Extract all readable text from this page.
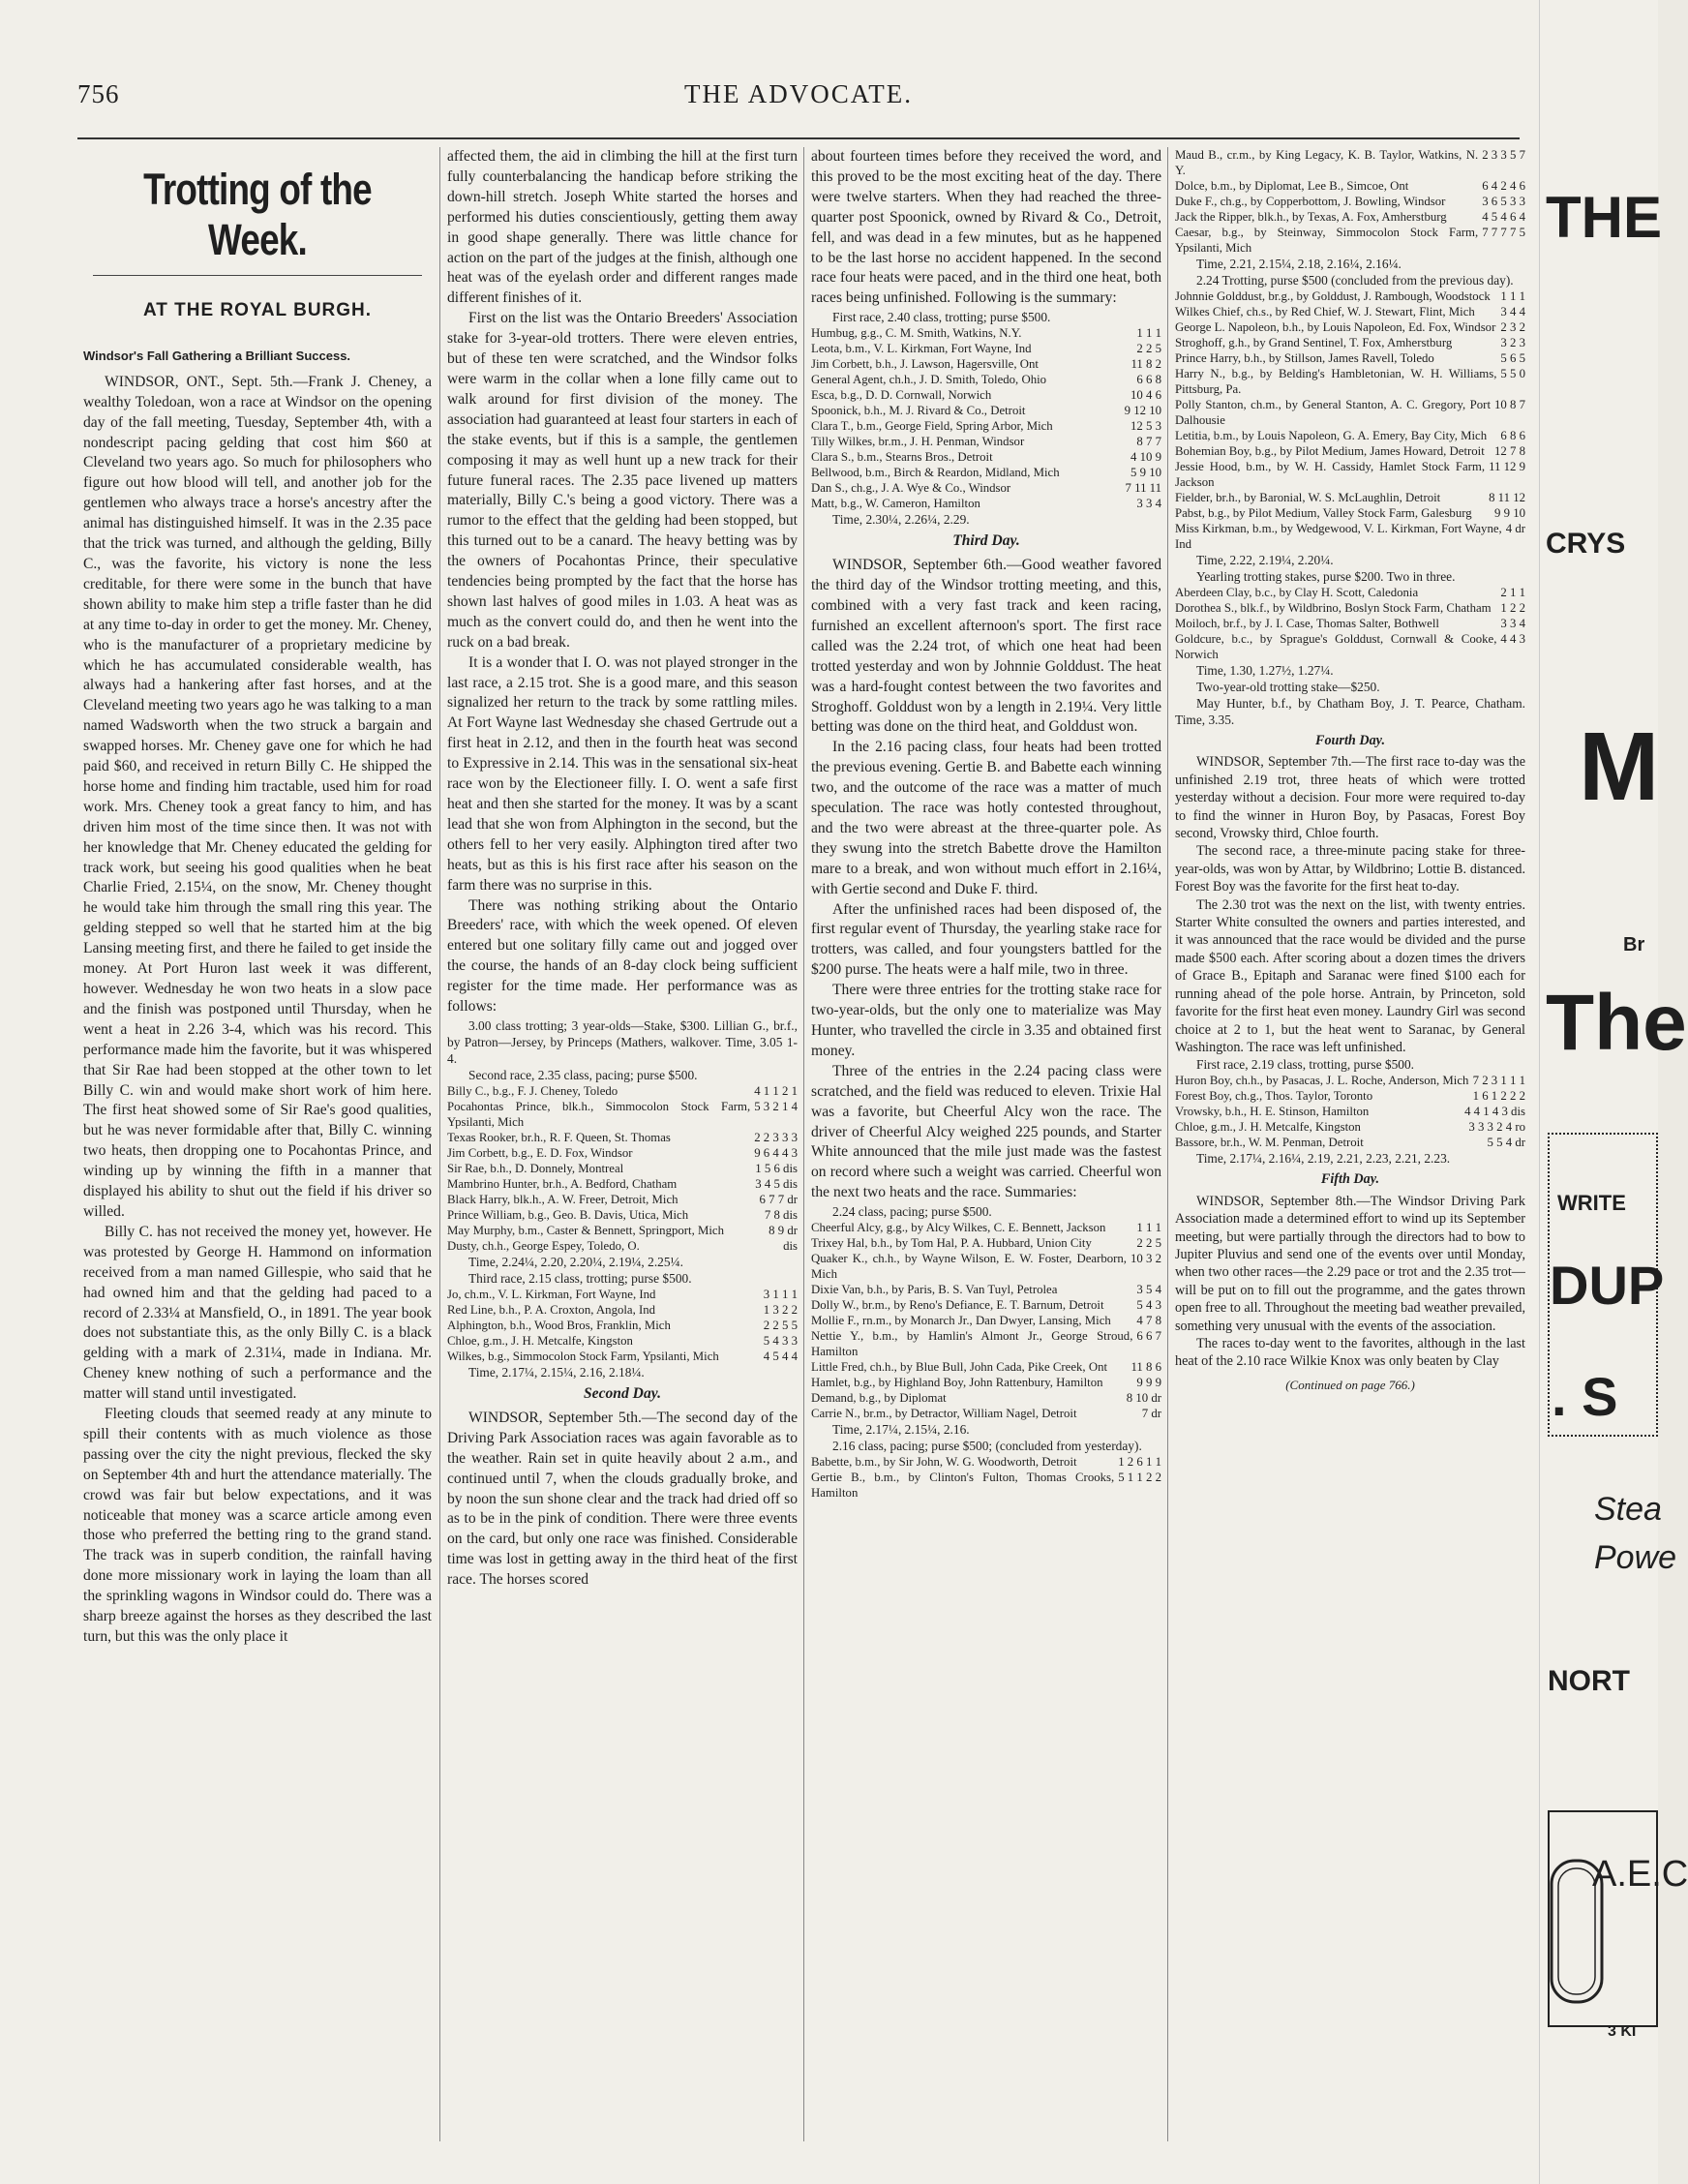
756	THE ADVOCATE.
Trotting of the Week.
AT THE ROYAL BURGH.
Windsor's Fall Gathering a Brilliant Success.

WINDSOR, ONT., Sept. 5th.—Frank J. Cheney, a wealthy Toledoan, won a race at Windsor on the opening day of the fall meeting, Tuesday, September 4th, with a nondescript pacing gelding that cost him $60 at Cleveland two years ago. So much for philosophers who figure out how blood will tell, and another job for the gentlemen who always trace a horse's ancestry after the animal has distinguished himself. It was in the 2.35 pace that the trick was turned, and although the gelding, Billy C., was the favorite, his victory is none the less creditable, for there were some in the bunch that have shown ability to make him step a trifle faster than he did at any time to-day in order to get the money. Mr. Cheney, who is the manufacturer of a proprietary medicine by which he has accumulated considerable wealth, has always had a hankering after fast horses, and at the Cleveland meeting two years ago he was talking to a man named Wadsworth when the two struck a bargain and swapped horses. Mr. Cheney gave one for which he had paid $60, and received in return Billy C. He shipped the horse home and finding him tractable, used him for road work. Mrs. Cheney took a great fancy to him, and has driven him most of the time since then. It was not with her knowledge that Mr. Cheney educated the gelding for track work, but seeing his good qualities when he beat Charlie Fried, 2.15¼, on the snow, Mr. Cheney thought he would take him through the small ring this year. The gelding stepped so well that he started him at the big Lansing meeting first, and there he failed to get inside the money. At Port Huron last week it was different, however. Wednesday he won two heats in a slow pace and the finish was postponed until Thursday, when he went a heat in 2.26 3-4, which was his record. This performance made him the favorite, but it was whispered that Sir Rae had been stopped at the other town to let Billy C. win and would make short work of him here. The first heat showed some of Sir Rae's good qualities, but he was never formidable after that, Billy C. winning two heats, then dropping one to Pocahontas Prince, and winding up by winning the fifth in a manner that displayed his ability to shut out the field if his driver so willed.

Billy C. has not received the money yet, however. He was protested by George H. Hammond on information received from a man named Gillespie, who said that he had owned him and that the gelding had paced to a record of 2.33¼ at Mansfield, O., in 1891. The year book does not substantiate this, as the only Billy C. is a black gelding with a mark of 2.31¼, made in Indiana. Mr. Cheney knew nothing of such a performance and the matter will stand until investigated.

Fleeting clouds that seemed ready at any minute to spill their contents with as much violence as those passing over the city the night previous, flecked the sky on September 4th and hurt the attendance materially. The crowd was fair but below expectations, and it was noticeable that money was a scarce article among even those who preferred the betting ring to the grand stand. The track was in superb condition, the rainfall having done more missionary work in laying the loam than all the sprinkling wagons in Windsor could do. There was a sharp breeze against the horses as they described the last turn, but this was the only place it

affected them, the aid in climbing the hill at the first turn fully counterbalancing the handicap before striking the down-hill stretch. Joseph White started the horses and performed his duties conscientiously, getting them away in good shape generally. There was little chance for action on the part of the judges at the finish, although one heat was of the eyelash order and different ranges made different finishes of it.

First on the list was the Ontario Breeders' Association stake for 3-year-old trotters. There were eleven entries, but of these ten were scratched, and the Windsor folks were warm in the collar when a lone filly came out to walk around for first division of the money. The association had guaranteed at least four starters in each of the stake events, but if this is a sample, the gentlemen composing it may as well hunt up a new track for their future funeral races. The 2.35 pace livened up matters materially, Billy C.'s being a good victory. There was a rumor to the effect that the gelding had been stopped, but this turned out to be a canard. The heavy betting was by the owners of Pocahontas Prince, their speculative tendencies being prompted by the fact that the horse has shown last halves of good miles in 1.03. A heat was as much as the convert could do, and then he went into the ruck on a bad break.

It is a wonder that I. O. was not played stronger in the last race, a 2.15 trot. She is a good mare, and this season signalized her return to the track by some rattling miles. At Fort Wayne last Wednesday she chased Gertrude out a first heat in 2.12, and then in the fourth heat was second to Expressive in 2.14. This was in the sensational six-heat race won by the Electioneer filly. I. O. went a safe first heat and then she started for the money. It was by a scant lead that she won from Alphington in the second, but the others fell to her very easily. Alphington tired after two heats, but as this is his first race after his season on the farm there was no surprise in this.

There was nothing striking about the Ontario Breeders' race, with which the week opened. Of eleven entered but one solitary filly came out and jogged over the course, the hands of an 8-day clock being sufficient register for the time made. Her performance was as follows:

3.00 class trotting; 3 year-olds—Stake, $300. Lillian G., br.f., by Patron—Jersey, by Princeps (Mathers, walkover. Time, 3.05 1-4.

Second race, 2.35 class, pacing; purse $500.

Billy C., b.g., F. J. Cheney, Toledo	4 1 1 2 1
Pocahontas Prince, blk.h., Simmocolon Stock Farm, Ypsilanti, Mich
5 3 2 1 4
Texas Rooker, br.h., R. F. Queen, St. Thomas	2 2 3 3 3
Jim Corbett, b.g., E. D. Fox, Windsor	9 6 4 4 3
Sir Rae, b.h., D. Donnely, Montreal	1 5 6 dis
Mambrino Hunter, br.h., A. Bedford, Chatham	3 4 5 dis
Black Harry, blk.h., A. W. Freer, Detroit, Mich	6 7 7 dr
Prince William, b.g., Geo. B. Davis, Utica, Mich	7 8 dis
May Murphy, b.m., Caster & Bennett, Springport, Mich	8 9 dr
Dusty, ch.h., George Espey, Toledo, O.	dis

Time, 2.24¼, 2.20, 2.20¼, 2.19¼, 2.25¼.

Third race, 2.15 class, trotting; purse $500.

Jo, ch.m., V. L. Kirkman, Fort Wayne, Ind	3 1 1 1
Red Line, b.h., P. A. Croxton, Angola, Ind	1 3 2 2
Alphington, b.h., Wood Bros, Franklin, Mich	2 2 5 5
Chloe, g.m., J. H. Metcalfe, Kingston	5 4 3 3
Wilkes, b.g., Simmocolon Stock Farm, Ypsilanti, Mich	4 5 4 4

Time, 2.17¼, 2.15¼, 2.16, 2.18¼.

Second Day.

WINDSOR, September 5th.—The second day of the Driving Park Association races was again favorable as to the weather. Rain set in quite heavily about 2 a.m., and continued until 7, when the clouds gradually broke, and by noon the sun shone clear and the track had dried off so as to be in the pink of condition. There were three events on the card, but only one race was finished. Considerable time was lost in getting away in the third heat of the first race. The horses scored

about fourteen times before they received the word, and this proved to be the most exciting heat of the day. There were twelve starters. When they had reached the three-quarter post Spoonick, owned by Rivard & Co., Detroit, fell, and was dead in a few minutes, but as he happened to be the last horse no accident happened. In the second race four heats were paced, and in the third one heat, both races being unfinished. Following is the summary:

First race, 2.40 class, trotting; purse $500.

Humbug, g.g., C. M. Smith, Watkins, N.Y.	1 1 1
Leota, b.m., V. L. Kirkman, Fort Wayne, Ind	2 2 5
Jim Corbett, b.h., J. Lawson, Hagersville, Ont	11 8 2
General Agent, ch.h., J. D. Smith, Toledo, Ohio	6 6 8
Esca, b.g., D. D. Cornwall, Norwich	10 4 6
Spoonick, b.h., M. J. Rivard & Co., Detroit	9 12 10
Clara T., b.m., George Field, Spring Arbor, Mich	12 5 3
Tilly Wilkes, br.m., J. H. Penman, Windsor	8 7 7
Clara S., b.m., Stearns Bros., Detroit	4 10 9
Bellwood, b.m., Birch & Reardon, Midland, Mich	5 9 10
Dan S., ch.g., J. A. Wye & Co., Windsor	7 11 11
Matt, b.g., W. Cameron, Hamilton	3 3 4

Time, 2.30¼, 2.26¼, 2.29.

Third Day.

WINDSOR, September 6th.—Good weather favored the third day of the Windsor trotting meeting, and this, combined with a very fast track and keen racing, furnished an excellent afternoon's sport. The first race called was the 2.24 trot, of which one heat had been trotted yesterday and won by Johnnie Golddust. The heat was a hard-fought contest between the two favorites and Stroghoff. Golddust won by a length in 2.19¼. Very little betting was done on the third heat, and Golddust won.

In the 2.16 pacing class, four heats had been trotted the previous evening. Gertie B. and Babette each winning two, and the outcome of the race was a matter of much speculation. The race was hotly contested throughout, and the two were abreast at the three-quarter pole. As they swung into the stretch Babette drove the Hamilton mare to a break, and won without much effort in 2.16¼, with Gertie second and Duke F. third.

After the unfinished races had been disposed of, the first regular event of Thursday, the yearling stake race for trotters, was called, and four youngsters battled for the $200 purse. The heats were a half mile, two in three.

There were three entries for the trotting stake race for two-year-olds, but the only one to materialize was May Hunter, who travelled the circle in 3.35 and obtained first money.

Three of the entries in the 2.24 pacing class were scratched, and the field was reduced to eleven. Trixie Hal was a favorite, but Cheerful Alcy won the race. The driver of Cheerful Alcy weighed 225 pounds, and Starter White announced that the mile just made was the fastest on record where such a weight was carried. Cheerful won the next two heats and the race. Summaries:

2.24 class, pacing; purse $500.

Cheerful Alcy, g.g., by Alcy Wilkes, C. E. Bennett, Jackson	1 1 1
Trixey Hal, b.h., by Tom Hal, P. A. Hubbard, Union City	2 2 5
Quaker K., ch.h., by Wayne Wilson, E. W. Foster, Dearborn, Mich
10 3 2
Dixie Van, b.h., by Paris, B. S. Van Tuyl, Petrolea	3 5 4
Dolly W., br.m., by Reno's Defiance, E. T. Barnum, Detroit	5 4 3
Mollie F., rn.m., by Monarch Jr., Dan Dwyer, Lansing, Mich	4 7 8
Nettie Y., b.m., by Hamlin's Almont Jr., George Stroud, Hamilton
6 6 7
Little Fred, ch.h., by Blue Bull, John Cada, Pike Creek, Ont	11 8 6
Hamlet, b.g., by Highland Boy, John Rattenbury, Hamilton	9 9 9
Demand, b.g., by Diplomat	8 10 dr
Carrie N., br.m., by Detractor, William Nagel, Detroit	7 dr

Time, 2.17¼, 2.15¼, 2.16.

2.16 class, pacing; purse $500; (concluded from yesterday).

Babette, b.m., by Sir John, W. G. Woodworth, Detroit	1 2 6 1 1
Gertie B., b.m., by Clinton's Fulton, Thomas Crooks, Hamilton
5 1 1 2 2
Maud B., cr.m., by King Legacy, K. B. Taylor, Watkins, N. Y.
2 3 3 5 7
Dolce, b.m., by Diplomat, Lee B., Simcoe, Ont	6 4 2 4 6
Duke F., ch.g., by Copperbottom, J. Bowling, Windsor	3 6 5 3 3
Jack the Ripper, blk.h., by Texas, A. Fox, Amherstburg	4 5 4 6 4
Caesar, b.g., by Steinway, Simmocolon Stock Farm, Ypsilanti, Mich
7 7 7 7 5

Time, 2.21, 2.15¼, 2.18, 2.16¼, 2.16¼.

2.24 Trotting, purse $500 (concluded from the previous day).

Johnnie Golddust, br.g., by Golddust, J. Rambough, Woodstock 1 1 1
Wilkes Chief, ch.s., by Red Chief, W. J. Stewart, Flint, Mich	3 4 4
George L. Napoleon, b.h., by Louis Napoleon, Ed. Fox, Windsor 2 3 2
Stroghoff, g.h., by Grand Sentinel, T. Fox, Amherstburg	3 2 3
Prince Harry, b.h., by Stillson, James Ravell, Toledo	5 6 5
Harry N., b.g., by Belding's Hambletonian, W. H. Williams, Pittsburg, Pa.
5 5 0
Polly Stanton, ch.m., by General Stanton, A. C. Gregory, Port Dalhousie
10 8 7
Letitia, b.m., by Louis Napoleon, G. A. Emery, Bay City, Mich	6 8 6
Bohemian Boy, b.g., by Pilot Medium, James Howard, Detroit 12 7 8
Jessie Hood, b.m., by W. H. Cassidy, Hamlet Stock Farm, Jackson
11 12 9
Fielder, br.h., by Baronial, W. S. McLaughlin, Detroit	8 11 12
Pabst, b.g., by Pilot Medium, Valley Stock Farm, Galesburg	9 9 10
Miss Kirkman, b.m., by Wedgewood, V. L. Kirkman, Fort Wayne, Ind
4 dr

Time, 2.22, 2.19¼, 2.20¼.

Yearling trotting stakes, purse $200. Two in three.

Aberdeen Clay, b.c., by Clay H. Scott, Caledonia	2 1 1
Dorothea S., blk.f., by Wildbrino, Boslyn Stock Farm, Chatham 1 2 2
Moiloch, br.f., by J. I. Case, Thomas Salter, Bothwell	3 3 4
Goldcure, b.c., by Sprague's Golddust, Cornwall & Cooke, Norwich
4 4 3

Time, 1.30, 1.27½, 1.27¼.

Two-year-old trotting stake—$250.

May Hunter, b.f., by Chatham Boy, J. T. Pearce, Chatham. Time, 3.35.

Fourth Day.

WINDSOR, September 7th.—The first race to-day was the unfinished 2.19 trot, three heats of which were trotted yesterday without a decision. Four more were required to-day to find the winner in Huron Boy, by Pasacas, Forest Boy second, Vrowsky third, Chloe fourth.

The second race, a three-minute pacing stake for three-year-olds, was won by Attar, by Wildbrino; Lottie B. distanced. Forest Boy was the favorite for the first heat to-day.

The 2.30 trot was the next on the list, with twenty entries. Starter White consulted the owners and parties interested, and it was announced that the race would be divided and the purse made $500 each. After scoring about a dozen times the drivers of Grace B., Epitaph and Saranac were fined $100 each for running ahead of the pole horse. Antrain, by Princeton, sold favorite for the first heat even money. Laundry Girl was second choice at 2 to 1, but the heat went to Saranac, by General Washington. The race was left unfinished.

First race, 2.19 class, trotting, purse $500.

Huron Boy, ch.h., by Pasacas, J. L. Roche, Anderson, Mich 7 2 3 1 1 1
Forest Boy, ch.g., Thos. Taylor, Toronto	1 6 1 2 2 2
Vrowsky, b.h., H. E. Stinson, Hamilton	4 4 1 4 3 dis
Chloe, g.m., J. H. Metcalfe, Kingston	3 3 3 2 4 ro
Bassore, br.h., W. M. Penman, Detroit	5 5 4 dr

Time, 2.17¼, 2.16¼, 2.19, 2.21, 2.23, 2.21, 2.23.

Fifth Day.

WINDSOR, September 8th.—The Windsor Driving Park Association made a determined effort to wind up its September meeting, but were partially through the directors had to bow to Jupiter Pluvius and send one of the events over until Monday, when two other races—the 2.29 pace or trot and the 2.35 trot—will be put on to fill out the programme, and the gates thrown open free to all. Throughout the meeting bad weather prevailed, something very unusual with the events of the association.

The races to-day went to the favorites, although in the last heat of the 2.10 race Wilkie Knox was only beaten by Clay

(Continued on page 766.)
THE
CRYS
M
Br
The
WRITE
DUP
. S
Stea
Powe
NORT
A.E.C
3 KI
